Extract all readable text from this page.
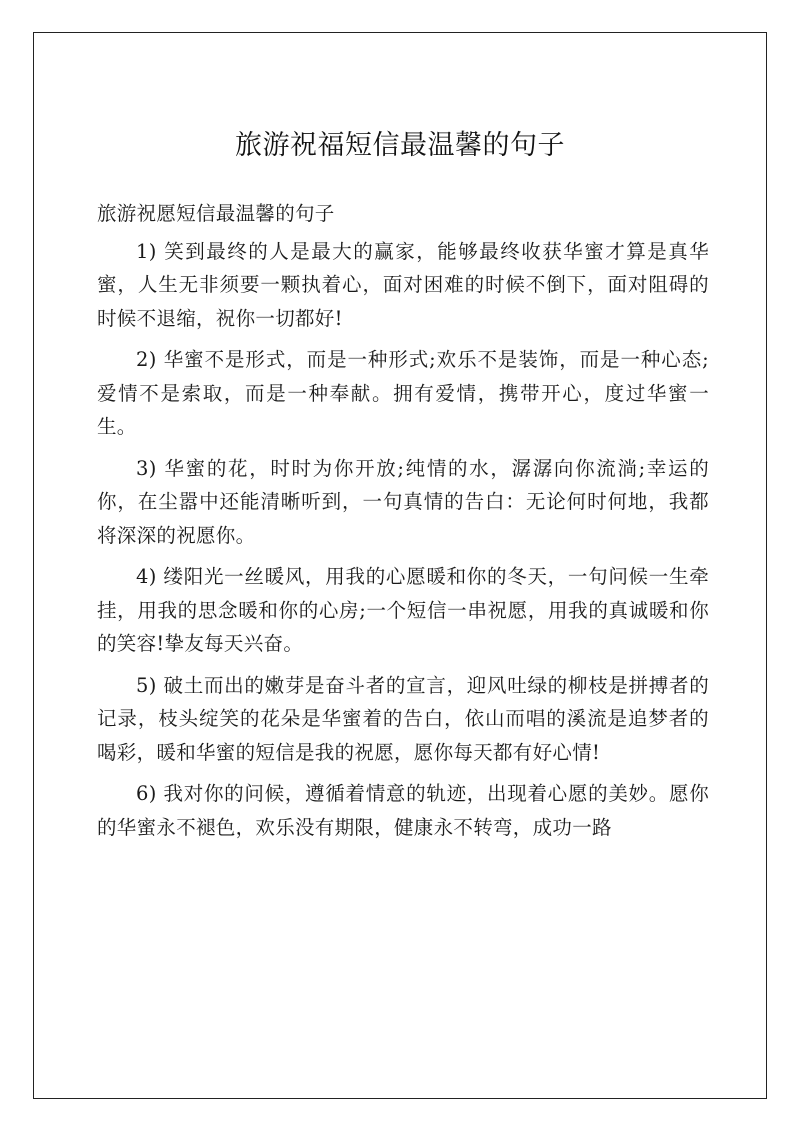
旅游祝福短信最温馨的句子

旅游祝愿短信最温馨的句子

1) 笑到最终的人是最大的赢家，能够最终收获华蜜才算是真华蜜，人生无非须要一颗执着心，面对困难的时候不倒下，面对阻碍的时候不退缩，祝你一切都好!

2) 华蜜不是形式，而是一种形式;欢乐不是装饰，而是一种心态;爱情不是索取，而是一种奉献。拥有爱情，携带开心，度过华蜜一生。

3) 华蜜的花，时时为你开放;纯情的水，潺潺向你流淌;幸运的你，在尘嚣中还能清晰听到，一句真情的告白：无论何时何地，我都将深深的祝愿你。

4) 缕阳光一丝暖风，用我的心愿暖和你的冬天，一句问候一生牵挂，用我的思念暖和你的心房;一个短信一串祝愿，用我的真诚暖和你的笑容!挚友每天兴奋。

5) 破土而出的嫩芽是奋斗者的宣言，迎风吐绿的柳枝是拼搏者的记录，枝头绽笑的花朵是华蜜着的告白，依山而唱的溪流是追梦者的喝彩，暖和华蜜的短信是我的祝愿，愿你每天都有好心情!

6) 我对你的问候，遵循着情意的轨迹，出现着心愿的美妙。愿你的华蜜永不褪色，欢乐没有期限，健康永不转弯，成功一路
